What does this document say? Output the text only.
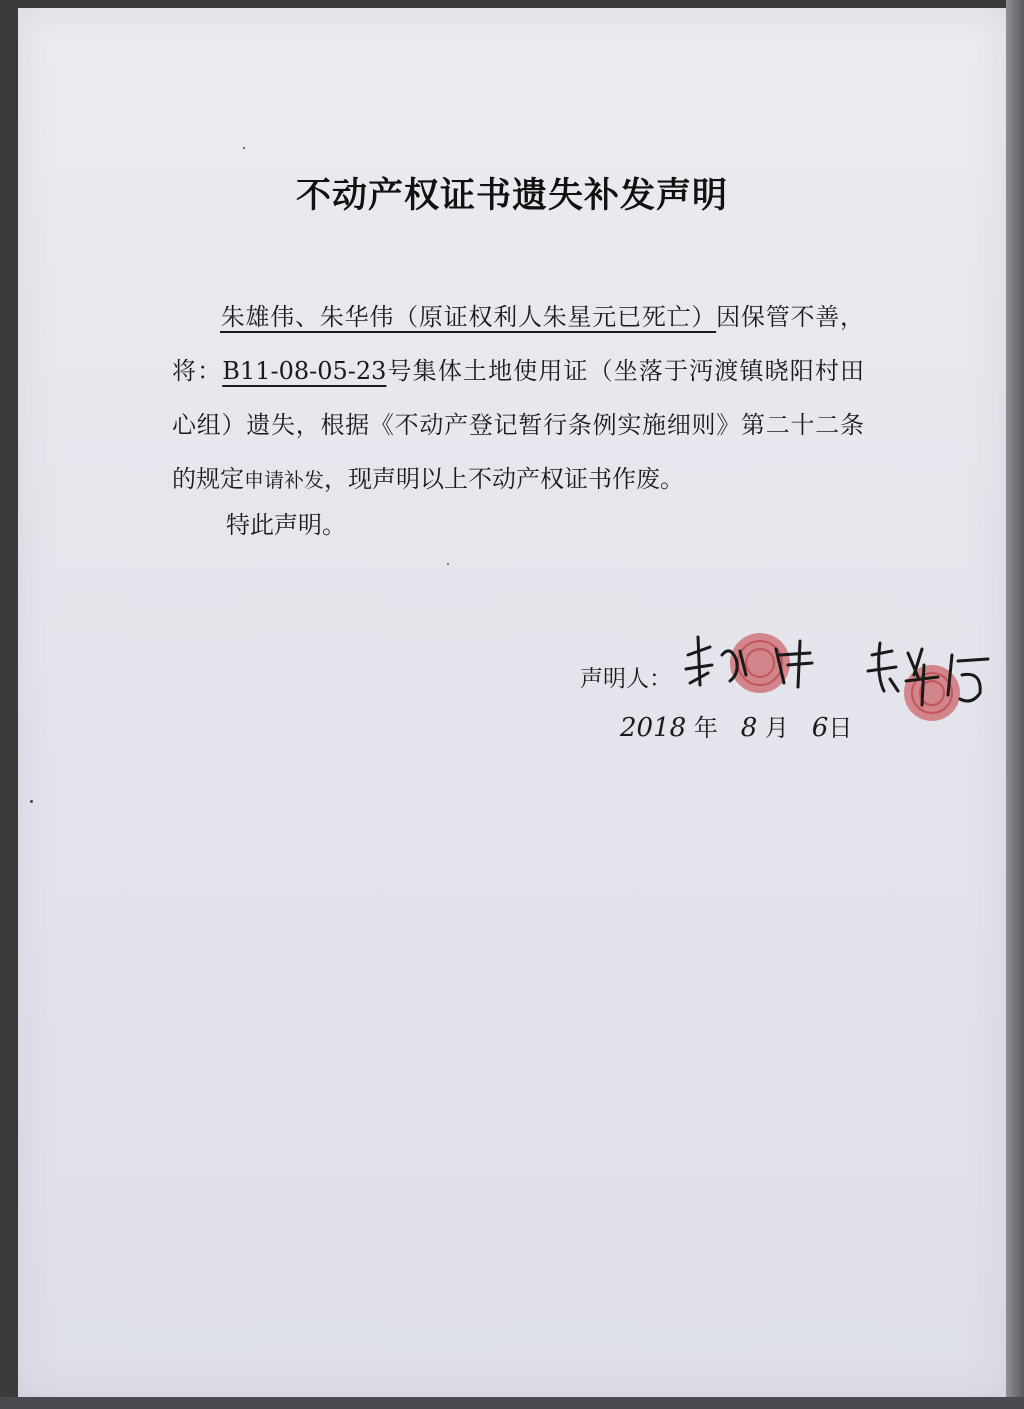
不动产权证书遗失补发声明
朱雄伟、朱华伟（原证权利人朱星元已死亡）因保管不善，将：B11-08-05-23号集体土地使用证（坐落于沔渡镇晓阳村田心组）遗失，根据《不动产登记暂行条例实施细则》第二十二条的规定申请补发，现声明以上不动产权证书作废。
特此声明。
声明人：
2018 年 8 月 6日
